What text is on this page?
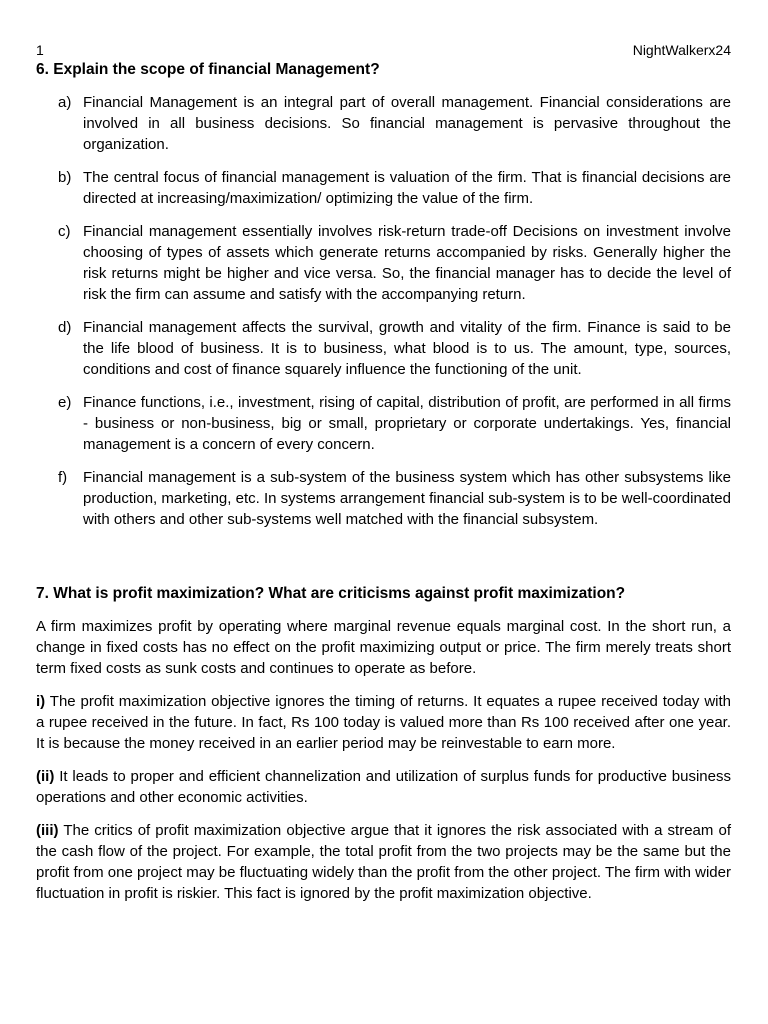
1	NightWalkerx24
6. Explain the scope of financial Management?
a) Financial Management is an integral part of overall management. Financial considerations are involved in all business decisions. So financial management is pervasive throughout the organization.
b) The central focus of financial management is valuation of the firm. That is financial decisions are directed at increasing/maximization/ optimizing the value of the firm.
c) Financial management essentially involves risk-return trade-off Decisions on investment involve choosing of types of assets which generate returns accompanied by risks. Generally higher the risk returns might be higher and vice versa. So, the financial manager has to decide the level of risk the firm can assume and satisfy with the accompanying return.
d) Financial management affects the survival, growth and vitality of the firm. Finance is said to be the life blood of business. It is to business, what blood is to us. The amount, type, sources, conditions and cost of finance squarely influence the functioning of the unit.
e) Finance functions, i.e., investment, rising of capital, distribution of profit, are performed in all firms - business or non-business, big or small, proprietary or corporate undertakings. Yes, financial management is a concern of every concern.
f) Financial management is a sub-system of the business system which has other subsystems like production, marketing, etc. In systems arrangement financial sub-system is to be well-coordinated with others and other sub-systems well matched with the financial subsystem.
7. What is profit maximization? What are criticisms against profit maximization?

A firm maximizes profit by operating where marginal revenue equals marginal cost. In the short run, a change in fixed costs has no effect on the profit maximizing output or price. The firm merely treats short term fixed costs as sunk costs and continues to operate as before.

i) The profit maximization objective ignores the timing of returns. It equates a rupee received today with a rupee received in the future. In fact, Rs 100 today is valued more than Rs 100 received after one year. It is because the money received in an earlier period may be reinvestable to earn more.

(ii) It leads to proper and efficient channelization and utilization of surplus funds for productive business operations and other economic activities.

(iii) The critics of profit maximization objective argue that it ignores the risk associated with a stream of the cash flow of the project. For example, the total profit from the two projects may be the same but the profit from one project may be fluctuating widely than the profit from the other project. The firm with wider fluctuation in profit is riskier. This fact is ignored by the profit maximization objective.
